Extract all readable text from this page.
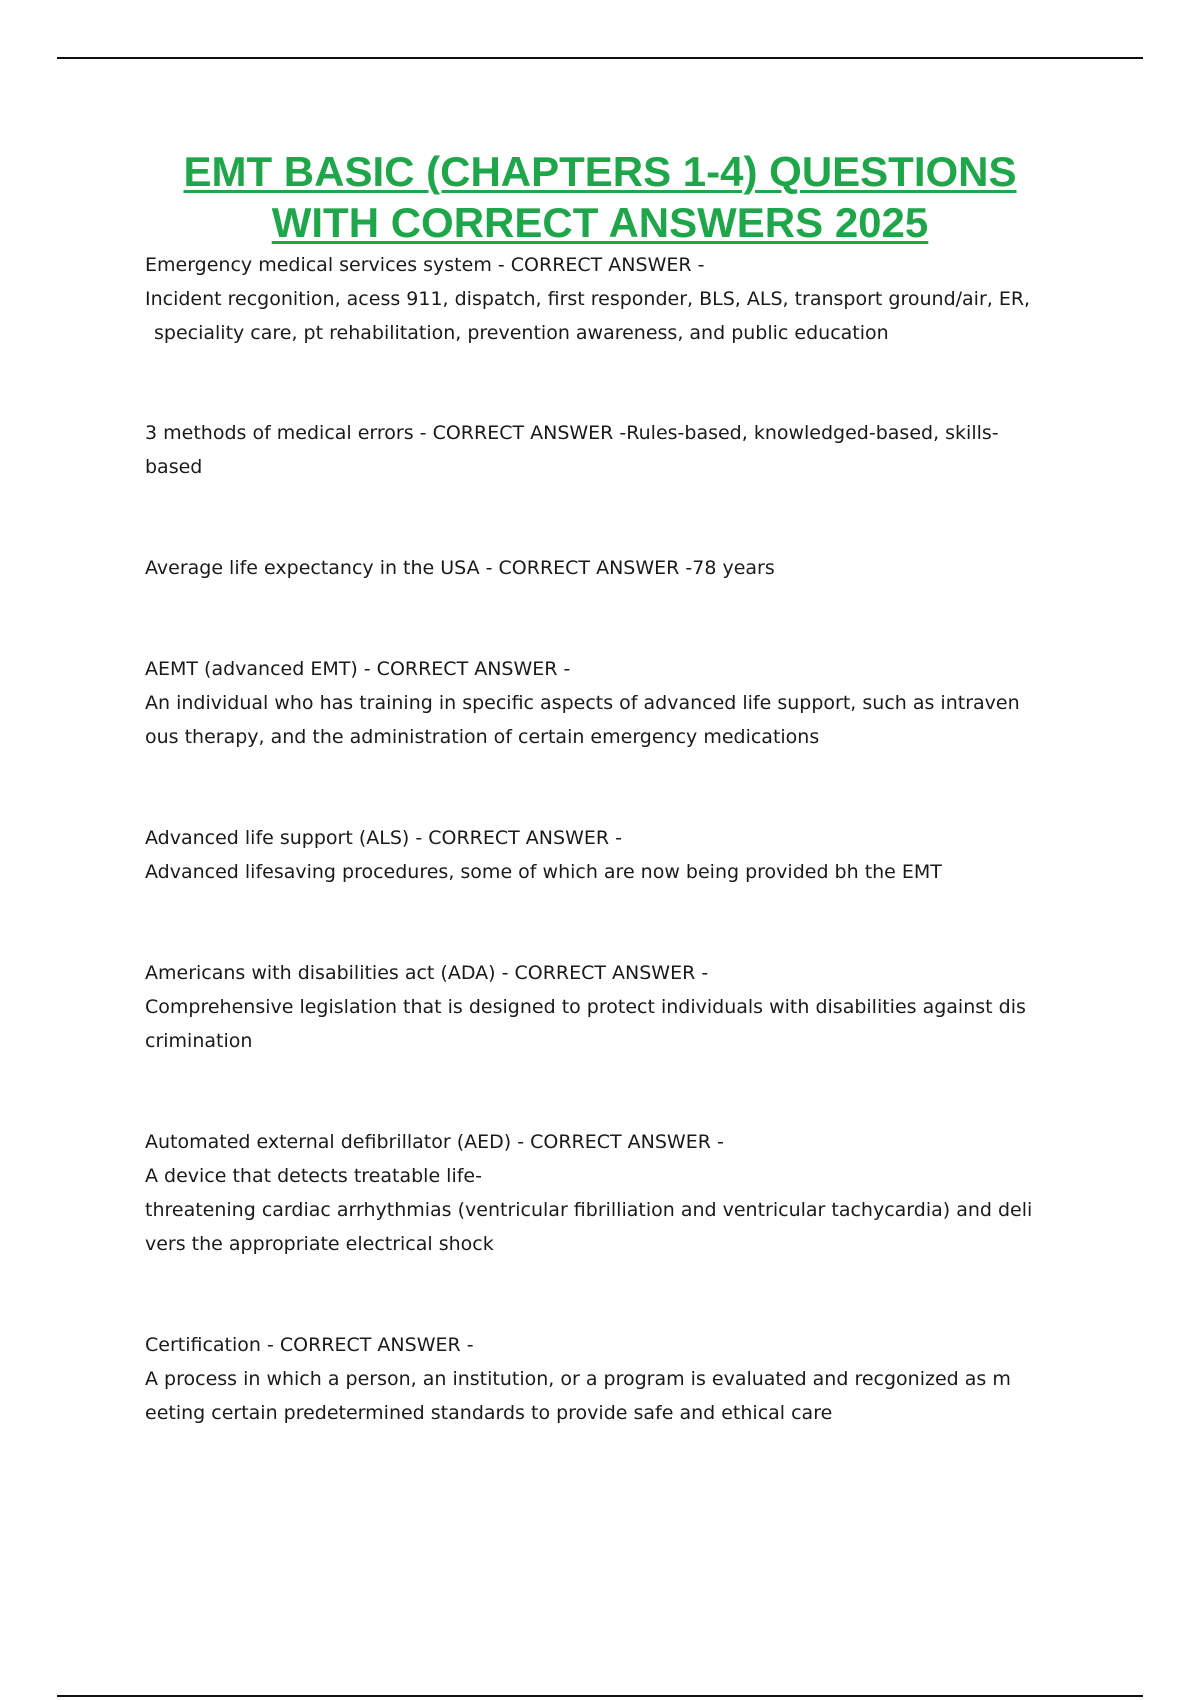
EMT BASIC (CHAPTERS 1-4) QUESTIONS
WITH CORRECT ANSWERS 2025

Emergency medical services system - CORRECT ANSWER -

Incident recgonition, acess 911, dispatch, first responder, BLS, ALS, transport ground/air, ER,

speciality care, pt rehabilitation, prevention awareness, and public education

3 methods of medical errors - CORRECT ANSWER -Rules-based, knowledged-based, skills-

based

Average life expectancy in the USA - CORRECT ANSWER -78 years

AEMT (advanced EMT) - CORRECT ANSWER -

An individual who has training in specific aspects of advanced life support, such as intraven

ous therapy, and the administration of certain emergency medications

Advanced life support (ALS) - CORRECT ANSWER -

Advanced lifesaving procedures, some of which are now being provided bh the EMT

Americans with disabilities act (ADA) - CORRECT ANSWER -

Comprehensive legislation that is designed to protect individuals with disabilities against dis

crimination

Automated external defibrillator (AED) - CORRECT ANSWER -

A device that detects treatable life-

threatening cardiac arrhythmias (ventricular fibrilliation and ventricular tachycardia) and deli

vers the appropriate electrical shock

Certification - CORRECT ANSWER -

A process in which a person, an institution, or a program is evaluated and recgonized as m

eeting certain predetermined standards to provide safe and ethical care
